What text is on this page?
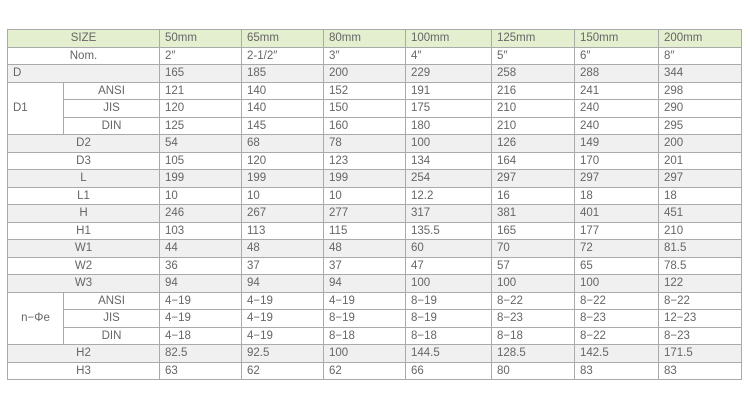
SIZE		50mm	65mm	80mm	100mm	125mm	150mm	200mm
Nom.		2″	2-1/2″	3″	4″	5″	6″	8″
D		165	185	200	229	258	288	344
D1	ANSI	121	140	152	191	216	241	298
	JIS	120	140	150	175	210	240	290
	DIN	125	145	160	180	210	240	295
D2		54	68	78	100	126	149	200
D3		105	120	123	134	164	170	201
L		199	199	199	254	297	297	297
L1		10	10	10	12.2	16	18	18
H		246	267	277	317	381	401	451
H1		103	113	115	135.5	165	177	210
W1		44	48	48	60	70	72	81.5
W2		36	37	37	47	57	65	78.5
W3		94	94	94	100	100	100	122
n−Φe	ANSI	4−19	4−19	4−19	8−19	8−22	8−22	8−22
	JIS	4−19	4−19	8−19	8−19	8−23	8−23	12−23
	DIN	4−18	4−19	8−18	8−18	8−18	8−22	8−23
H2		82.5	92.5	100	144.5	128.5	142.5	171.5
H3		63	62	62	66	80	83	83
